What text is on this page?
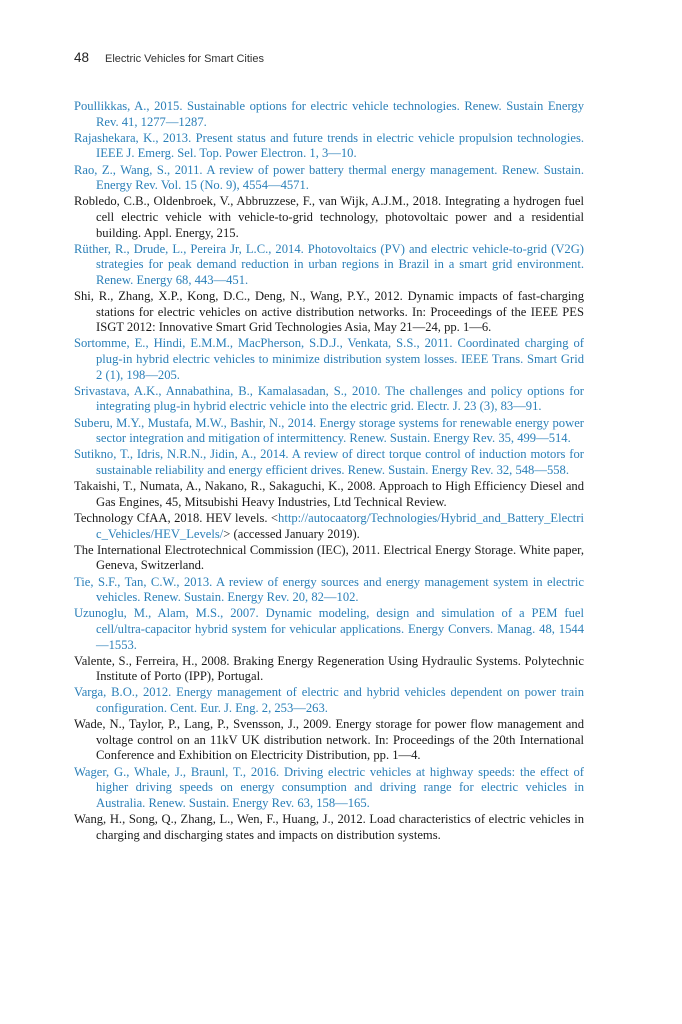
48 Electric Vehicles for Smart Cities
Poullikkas, A., 2015. Sustainable options for electric vehicle technologies. Renew. Sustain Energy Rev. 41, 1277—1287.
Rajashekara, K., 2013. Present status and future trends in electric vehicle propulsion technologies. IEEE J. Emerg. Sel. Top. Power Electron. 1, 3—10.
Rao, Z., Wang, S., 2011. A review of power battery thermal energy management. Renew. Sustain. Energy Rev. Vol. 15 (No. 9), 4554—4571.
Robledo, C.B., Oldenbroek, V., Abbruzzese, F., van Wijk, A.J.M., 2018. Integrating a hydrogen fuel cell electric vehicle with vehicle-to-grid technology, photovoltaic power and a residential building. Appl. Energy, 215.
Rüther, R., Drude, L., Pereira Jr, L.C., 2014. Photovoltaics (PV) and electric vehicle-to-grid (V2G) strategies for peak demand reduction in urban regions in Brazil in a smart grid environment. Renew. Energy 68, 443—451.
Shi, R., Zhang, X.P., Kong, D.C., Deng, N., Wang, P.Y., 2012. Dynamic impacts of fast-charging stations for electric vehicles on active distribution networks. In: Proceedings of the IEEE PES ISGT 2012: Innovative Smart Grid Technologies Asia, May 21—24, pp. 1—6.
Sortomme, E., Hindi, E.M.M., MacPherson, S.D.J., Venkata, S.S., 2011. Coordinated charging of plug-in hybrid electric vehicles to minimize distribution system losses. IEEE Trans. Smart Grid 2 (1), 198—205.
Srivastava, A.K., Annabathina, B., Kamalasadan, S., 2010. The challenges and policy options for integrating plug-in hybrid electric vehicle into the electric grid. Electr. J. 23 (3), 83—91.
Suberu, M.Y., Mustafa, M.W., Bashir, N., 2014. Energy storage systems for renewable energy power sector integration and mitigation of intermittency. Renew. Sustain. Energy Rev. 35, 499—514.
Sutikno, T., Idris, N.R.N., Jidin, A., 2014. A review of direct torque control of induction motors for sustainable reliability and energy efficient drives. Renew. Sustain. Energy Rev. 32, 548—558.
Takaishi, T., Numata, A., Nakano, R., Sakaguchi, K., 2008. Approach to High Efficiency Diesel and Gas Engines, 45, Mitsubishi Heavy Industries, Ltd Technical Review.
Technology CfAA, 2018. HEV levels. <http://autocaatorg/Technologies/Hybrid_and_Battery_Electric_Vehicles/HEV_Levels/> (accessed January 2019).
The International Electrotechnical Commission (IEC), 2011. Electrical Energy Storage. White paper, Geneva, Switzerland.
Tie, S.F., Tan, C.W., 2013. A review of energy sources and energy management system in electric vehicles. Renew. Sustain. Energy Rev. 20, 82—102.
Uzunoglu, M., Alam, M.S., 2007. Dynamic modeling, design and simulation of a PEM fuel cell/ultra-capacitor hybrid system for vehicular applications. Energy Convers. Manag. 48, 1544—1553.
Valente, S., Ferreira, H., 2008. Braking Energy Regeneration Using Hydraulic Systems. Polytechnic Institute of Porto (IPP), Portugal.
Varga, B.O., 2012. Energy management of electric and hybrid vehicles dependent on power train configuration. Cent. Eur. J. Eng. 2, 253—263.
Wade, N., Taylor, P., Lang, P., Svensson, J., 2009. Energy storage for power flow management and voltage control on an 11kV UK distribution network. In: Proceedings of the 20th International Conference and Exhibition on Electricity Distribution, pp. 1—4.
Wager, G., Whale, J., Braunl, T., 2016. Driving electric vehicles at highway speeds: the effect of higher driving speeds on energy consumption and driving range for electric vehicles in Australia. Renew. Sustain. Energy Rev. 63, 158—165.
Wang, H., Song, Q., Zhang, L., Wen, F., Huang, J., 2012. Load characteristics of electric vehicles in charging and discharging states and impacts on distribution systems.
